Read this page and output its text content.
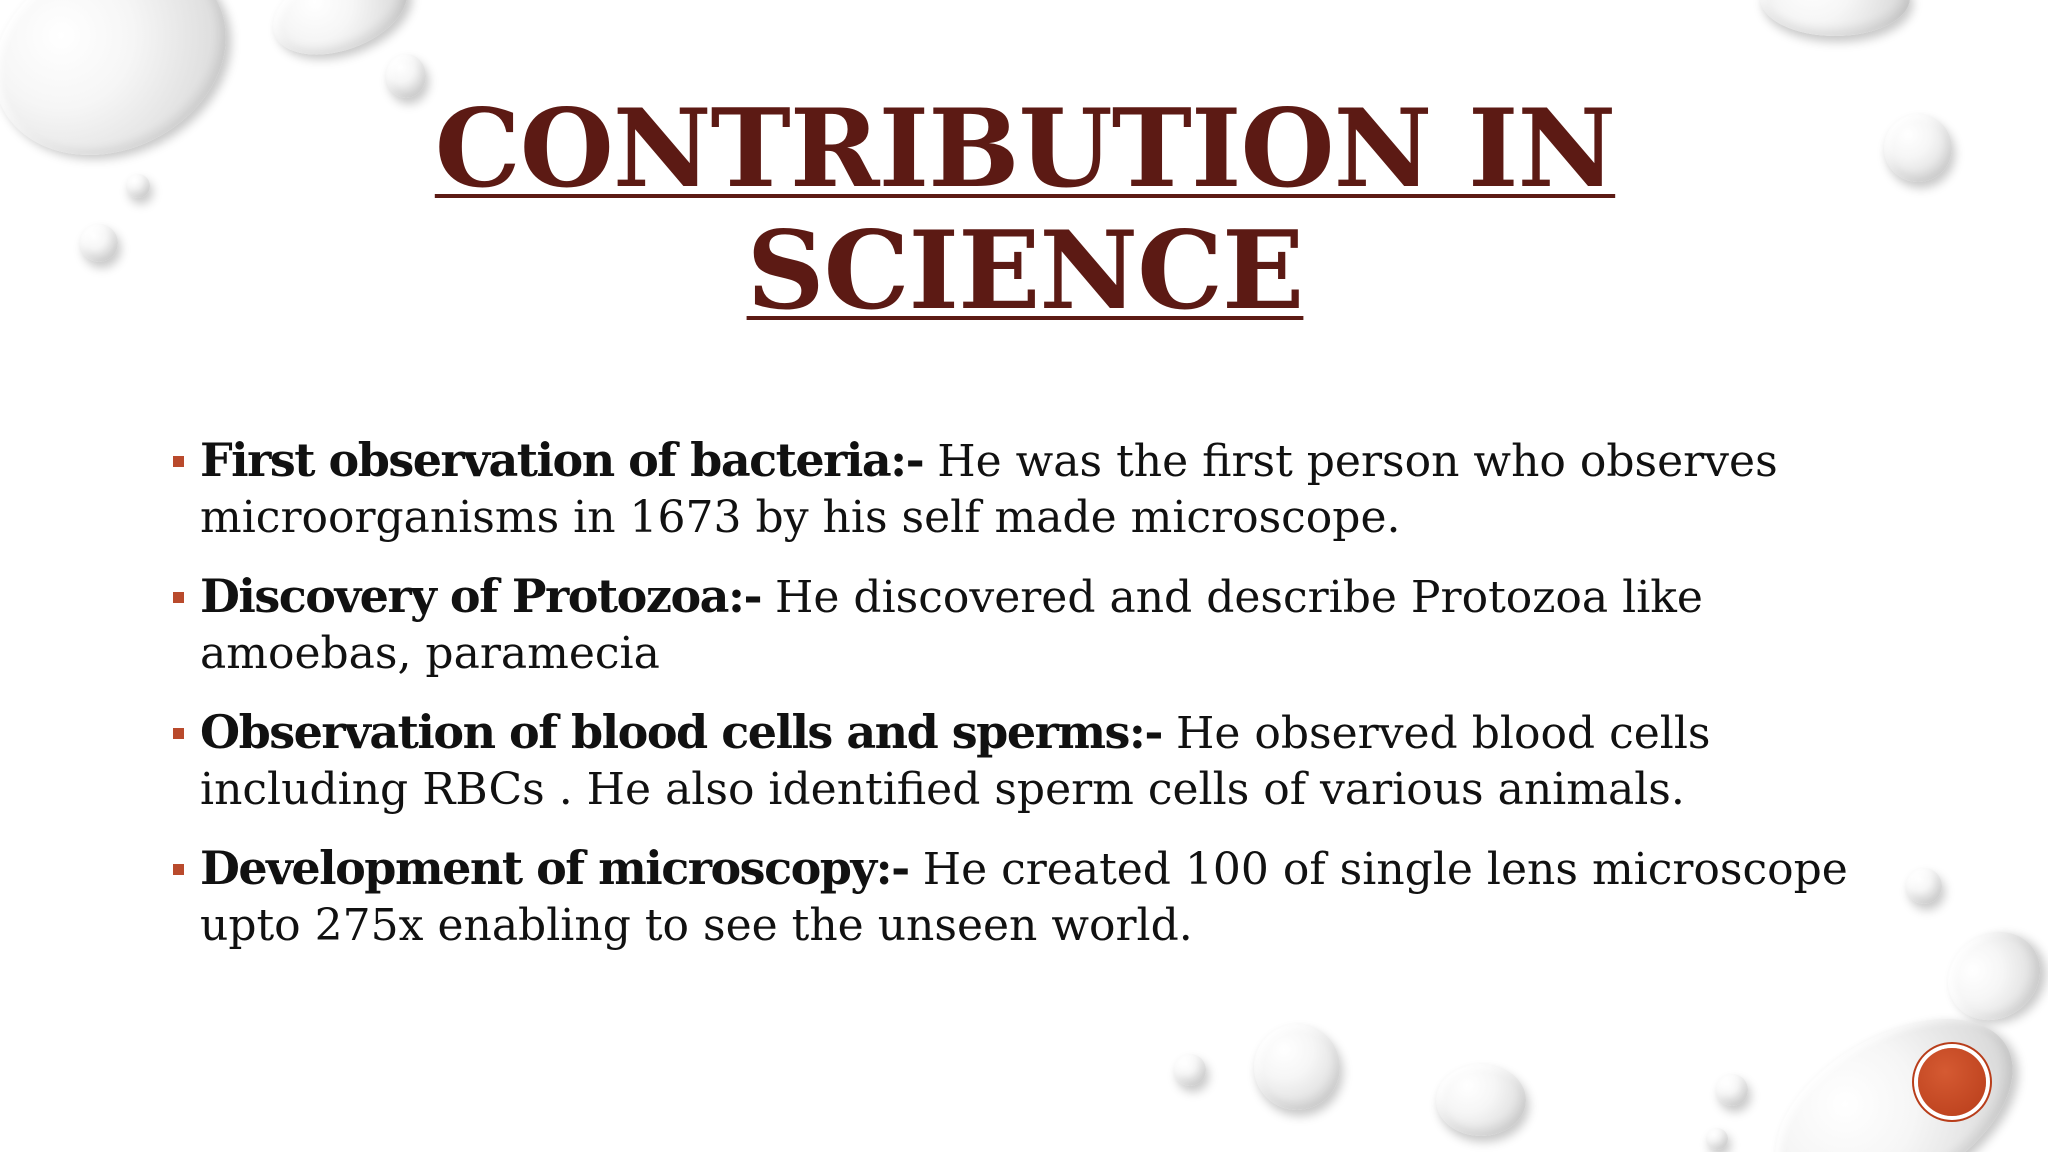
CONTRIBUTION IN
SCIENCE
First observation of bacteria:- He was the first person who observes microorganisms in 1673 by his self made microscope.
Discovery of Protozoa:- He discovered and describe Protozoa like amoebas, paramecia
Observation of blood cells and sperms:- He observed blood cells including RBCs . He also identified sperm cells of various animals.
Development of microscopy:- He created 100 of single lens microscope upto 275x enabling to see the unseen world.
